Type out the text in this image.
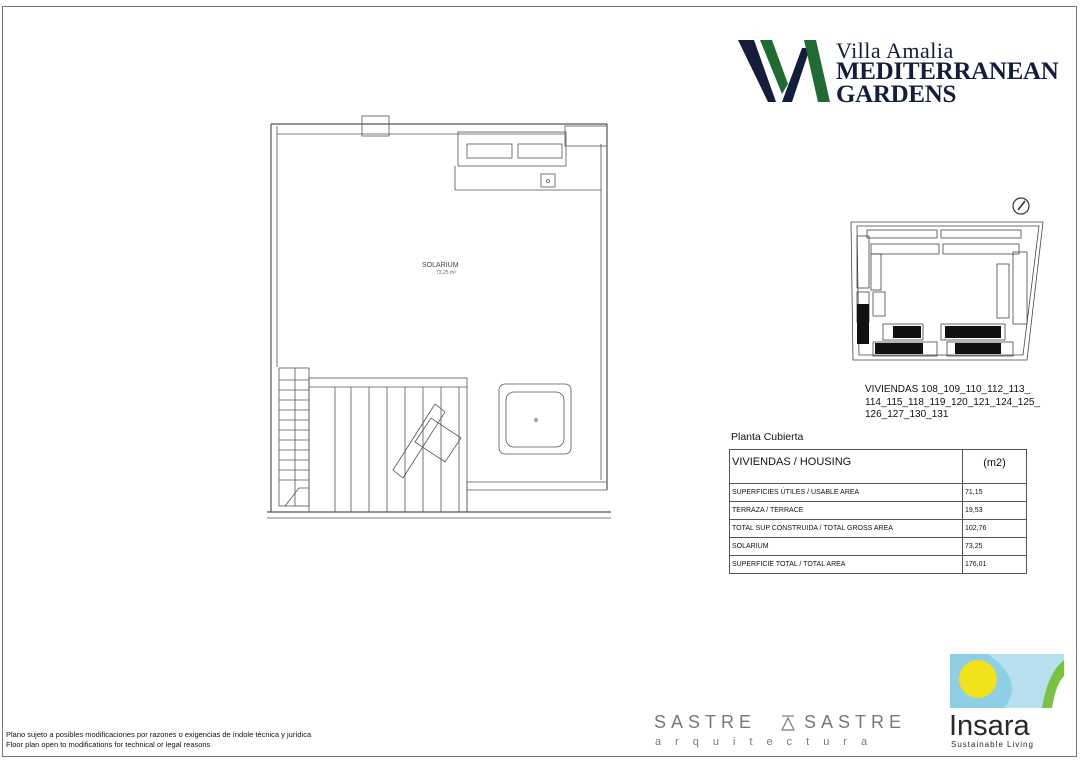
Villa Amalia
MEDITERRANEAN
GARDENS
SOLARIUM
73,25 m²
VIVIENDAS 108_109_110_112_113_
114_115_118_119_120_121_124_125_
126_127_130_131
Planta Cubierta
VIVIENDAS / HOUSING	(m2)
SUPERFICIES ÚTILES / USABLE AREA	71,15
TERRAZA / TERRACE	19,53
TOTAL SUP CONSTRUIDA / TOTAL GROSS AREA	102,76
SOLARIUM	73,25
SUPERFICIE TOTAL / TOTAL AREA	176,01
Plano sujeto a posibles modificaciones por razones o exigencias de índole técnica y jurídica
Floor plan open to modifications for technical or legal reasons
SASTRE	SASTRE
arquitectura Insara
Sustainable Living
